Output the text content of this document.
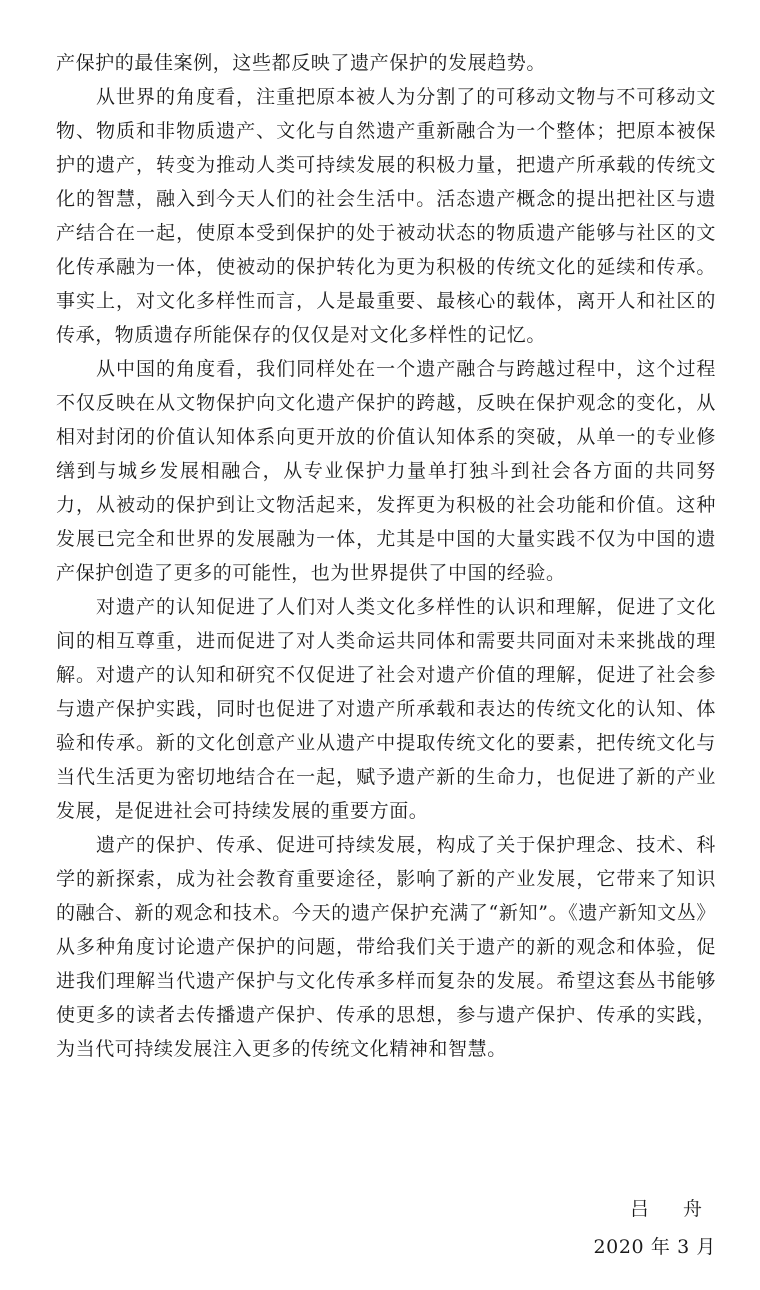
产保护的最佳案例，这些都反映了遗产保护的发展趋势。

从世界的角度看，注重把原本被人为分割了的可移动文物与不可移动文物、物质和非物质遗产、文化与自然遗产重新融合为一个整体；把原本被保护的遗产，转变为推动人类可持续发展的积极力量，把遗产所承载的传统文化的智慧，融入到今天人们的社会生活中。活态遗产概念的提出把社区与遗产结合在一起，使原本受到保护的处于被动状态的物质遗产能够与社区的文化传承融为一体，使被动的保护转化为更为积极的传统文化的延续和传承。事实上，对文化多样性而言，人是最重要、最核心的载体，离开人和社区的传承，物质遗存所能保存的仅仅是对文化多样性的记忆。

从中国的角度看，我们同样处在一个遗产融合与跨越过程中，这个过程不仅反映在从文物保护向文化遗产保护的跨越，反映在保护观念的变化，从相对封闭的价值认知体系向更开放的价值认知体系的突破，从单一的专业修缮到与城乡发展相融合，从专业保护力量单打独斗到社会各方面的共同努力，从被动的保护到让文物活起来，发挥更为积极的社会功能和价值。这种发展已完全和世界的发展融为一体，尤其是中国的大量实践不仅为中国的遗产保护创造了更多的可能性，也为世界提供了中国的经验。

对遗产的认知促进了人们对人类文化多样性的认识和理解，促进了文化间的相互尊重，进而促进了对人类命运共同体和需要共同面对未来挑战的理解。对遗产的认知和研究不仅促进了社会对遗产价值的理解，促进了社会参与遗产保护实践，同时也促进了对遗产所承载和表达的传统文化的认知、体验和传承。新的文化创意产业从遗产中提取传统文化的要素，把传统文化与当代生活更为密切地结合在一起，赋予遗产新的生命力，也促进了新的产业发展，是促进社会可持续发展的重要方面。

遗产的保护、传承、促进可持续发展，构成了关于保护理念、技术、科学的新探索，成为社会教育重要途径，影响了新的产业发展，它带来了知识的融合、新的观念和技术。今天的遗产保护充满了“新知”。《遗产新知文丛》从多种角度讨论遗产保护的问题，带给我们关于遗产的新的观念和体验，促进我们理解当代遗产保护与文化传承多样而复杂的发展。希望这套丛书能够使更多的读者去传播遗产保护、传承的思想，参与遗产保护、传承的实践，为当代可持续发展注入更多的传统文化精神和智慧。

吕 舟
2020 年 3 月
